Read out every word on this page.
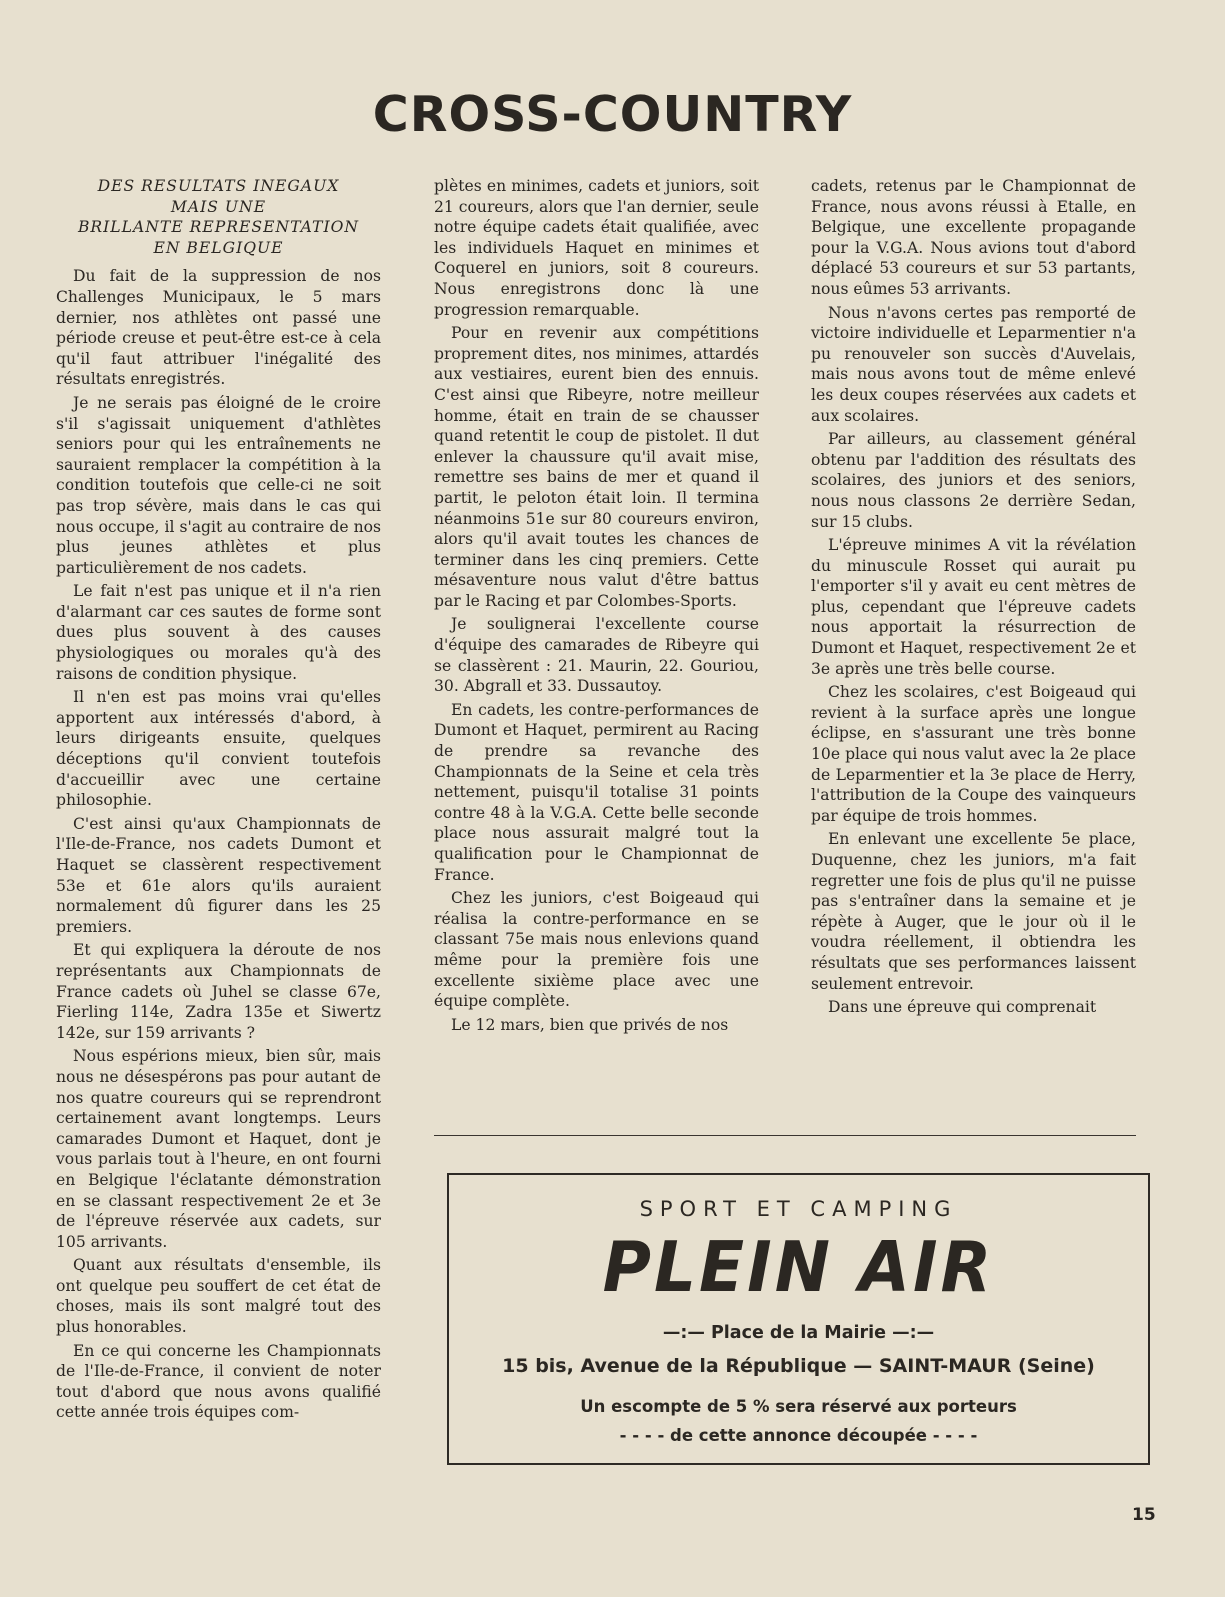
CROSS-COUNTRY
DES RESULTATS INEGAUX
MAIS UNE
BRILLANTE REPRESENTATION
EN BELGIQUE

Du fait de la suppression de nos Challenges Municipaux, le 5 mars dernier, nos athlètes ont passé une période creuse et peut-être est-ce à cela qu'il faut attribuer l'inégalité des résultats enregistrés.

Je ne serais pas éloigné de le croire s'il s'agissait uniquement d'athlètes seniors pour qui les entraînements ne sauraient remplacer la compétition à la condition toutefois que celle-ci ne soit pas trop sévère, mais dans le cas qui nous occupe, il s'agit au contraire de nos plus jeunes athlètes et plus particulièrement de nos cadets.

Le fait n'est pas unique et il n'a rien d'alarmant car ces sautes de forme sont dues plus souvent à des causes physiologiques ou morales qu'à des raisons de condition physique.

Il n'en est pas moins vrai qu'elles apportent aux intéressés d'abord, à leurs dirigeants ensuite, quelques déceptions qu'il convient toutefois d'accueillir avec une certaine philosophie.

C'est ainsi qu'aux Championnats de l'Ile-de-France, nos cadets Dumont et Haquet se classèrent respectivement 53e et 61e alors qu'ils auraient normalement dû figurer dans les 25 premiers.

Et qui expliquera la déroute de nos représentants aux Championnats de France cadets où Juhel se classe 67e, Fierling 114e, Zadra 135e et Siwertz 142e, sur 159 arrivants ?

Nous espérions mieux, bien sûr, mais nous ne désespérons pas pour autant de nos quatre coureurs qui se reprendront certainement avant longtemps. Leurs camarades Dumont et Haquet, dont je vous parlais tout à l'heure, en ont fourni en Belgique l'éclatante démonstration en se classant respectivement 2e et 3e de l'épreuve réservée aux cadets, sur 105 arrivants.

Quant aux résultats d'ensemble, ils ont quelque peu souffert de cet état de choses, mais ils sont malgré tout des plus honorables.

En ce qui concerne les Championnats de l'Ile-de-France, il convient de noter tout d'abord que nous avons qualifié cette année trois équipes com-

plètes en minimes, cadets et juniors, soit 21 coureurs, alors que l'an dernier, seule notre équipe cadets était qualifiée, avec les individuels Haquet en minimes et Coquerel en juniors, soit 8 coureurs. Nous enregistrons donc là une progression remarquable.

Pour en revenir aux compétitions proprement dites, nos minimes, attardés aux vestiaires, eurent bien des ennuis. C'est ainsi que Ribeyre, notre meilleur homme, était en train de se chausser quand retentit le coup de pistolet. Il dut enlever la chaussure qu'il avait mise, remettre ses bains de mer et quand il partit, le peloton était loin. Il termina néanmoins 51e sur 80 coureurs environ, alors qu'il avait toutes les chances de terminer dans les cinq premiers. Cette mésaventure nous valut d'être battus par le Racing et par Colombes-Sports.

Je soulignerai l'excellente course d'équipe des camarades de Ribeyre qui se classèrent : 21. Maurin, 22. Gouriou, 30. Abgrall et 33. Dussautoy.

En cadets, les contre-performances de Dumont et Haquet, permirent au Racing de prendre sa revanche des Championnats de la Seine et cela très nettement, puisqu'il totalise 31 points contre 48 à la V.G.A. Cette belle seconde place nous assurait malgré tout la qualification pour le Championnat de France.

Chez les juniors, c'est Boigeaud qui réalisa la contre-performance en se classant 75e mais nous enlevions quand même pour la première fois une excellente sixième place avec une équipe complète.

Le 12 mars, bien que privés de nos

cadets, retenus par le Championnat de France, nous avons réussi à Etalle, en Belgique, une excellente propagande pour la V.G.A. Nous avions tout d'abord déplacé 53 coureurs et sur 53 partants, nous eûmes 53 arrivants.

Nous n'avons certes pas remporté de victoire individuelle et Leparmentier n'a pu renouveler son succès d'Auvelais, mais nous avons tout de même enlevé les deux coupes réservées aux cadets et aux scolaires.

Par ailleurs, au classement général obtenu par l'addition des résultats des scolaires, des juniors et des seniors, nous nous classons 2e derrière Sedan, sur 15 clubs.

L'épreuve minimes A vit la révélation du minuscule Rosset qui aurait pu l'emporter s'il y avait eu cent mètres de plus, cependant que l'épreuve cadets nous apportait la résurrection de Dumont et Haquet, respectivement 2e et 3e après une très belle course.

Chez les scolaires, c'est Boigeaud qui revient à la surface après une longue éclipse, en s'assurant une très bonne 10e place qui nous valut avec la 2e place de Leparmentier et la 3e place de Herry, l'attribution de la Coupe des vainqueurs par équipe de trois hommes.

En enlevant une excellente 5e place, Duquenne, chez les juniors, m'a fait regretter une fois de plus qu'il ne puisse pas s'entraîner dans la semaine et je répète à Auger, que le jour où il le voudra réellement, il obtiendra les résultats que ses performances laissent seulement entrevoir.

Dans une épreuve qui comprenait

SPORT ET CAMPING
PLEIN AIR
—:— Place de la Mairie —:—
15 bis, Avenue de la République — SAINT-MAUR (Seine)
Un escompte de 5 % sera réservé aux porteurs
- - - - de cette annonce découpée - - - -
15
